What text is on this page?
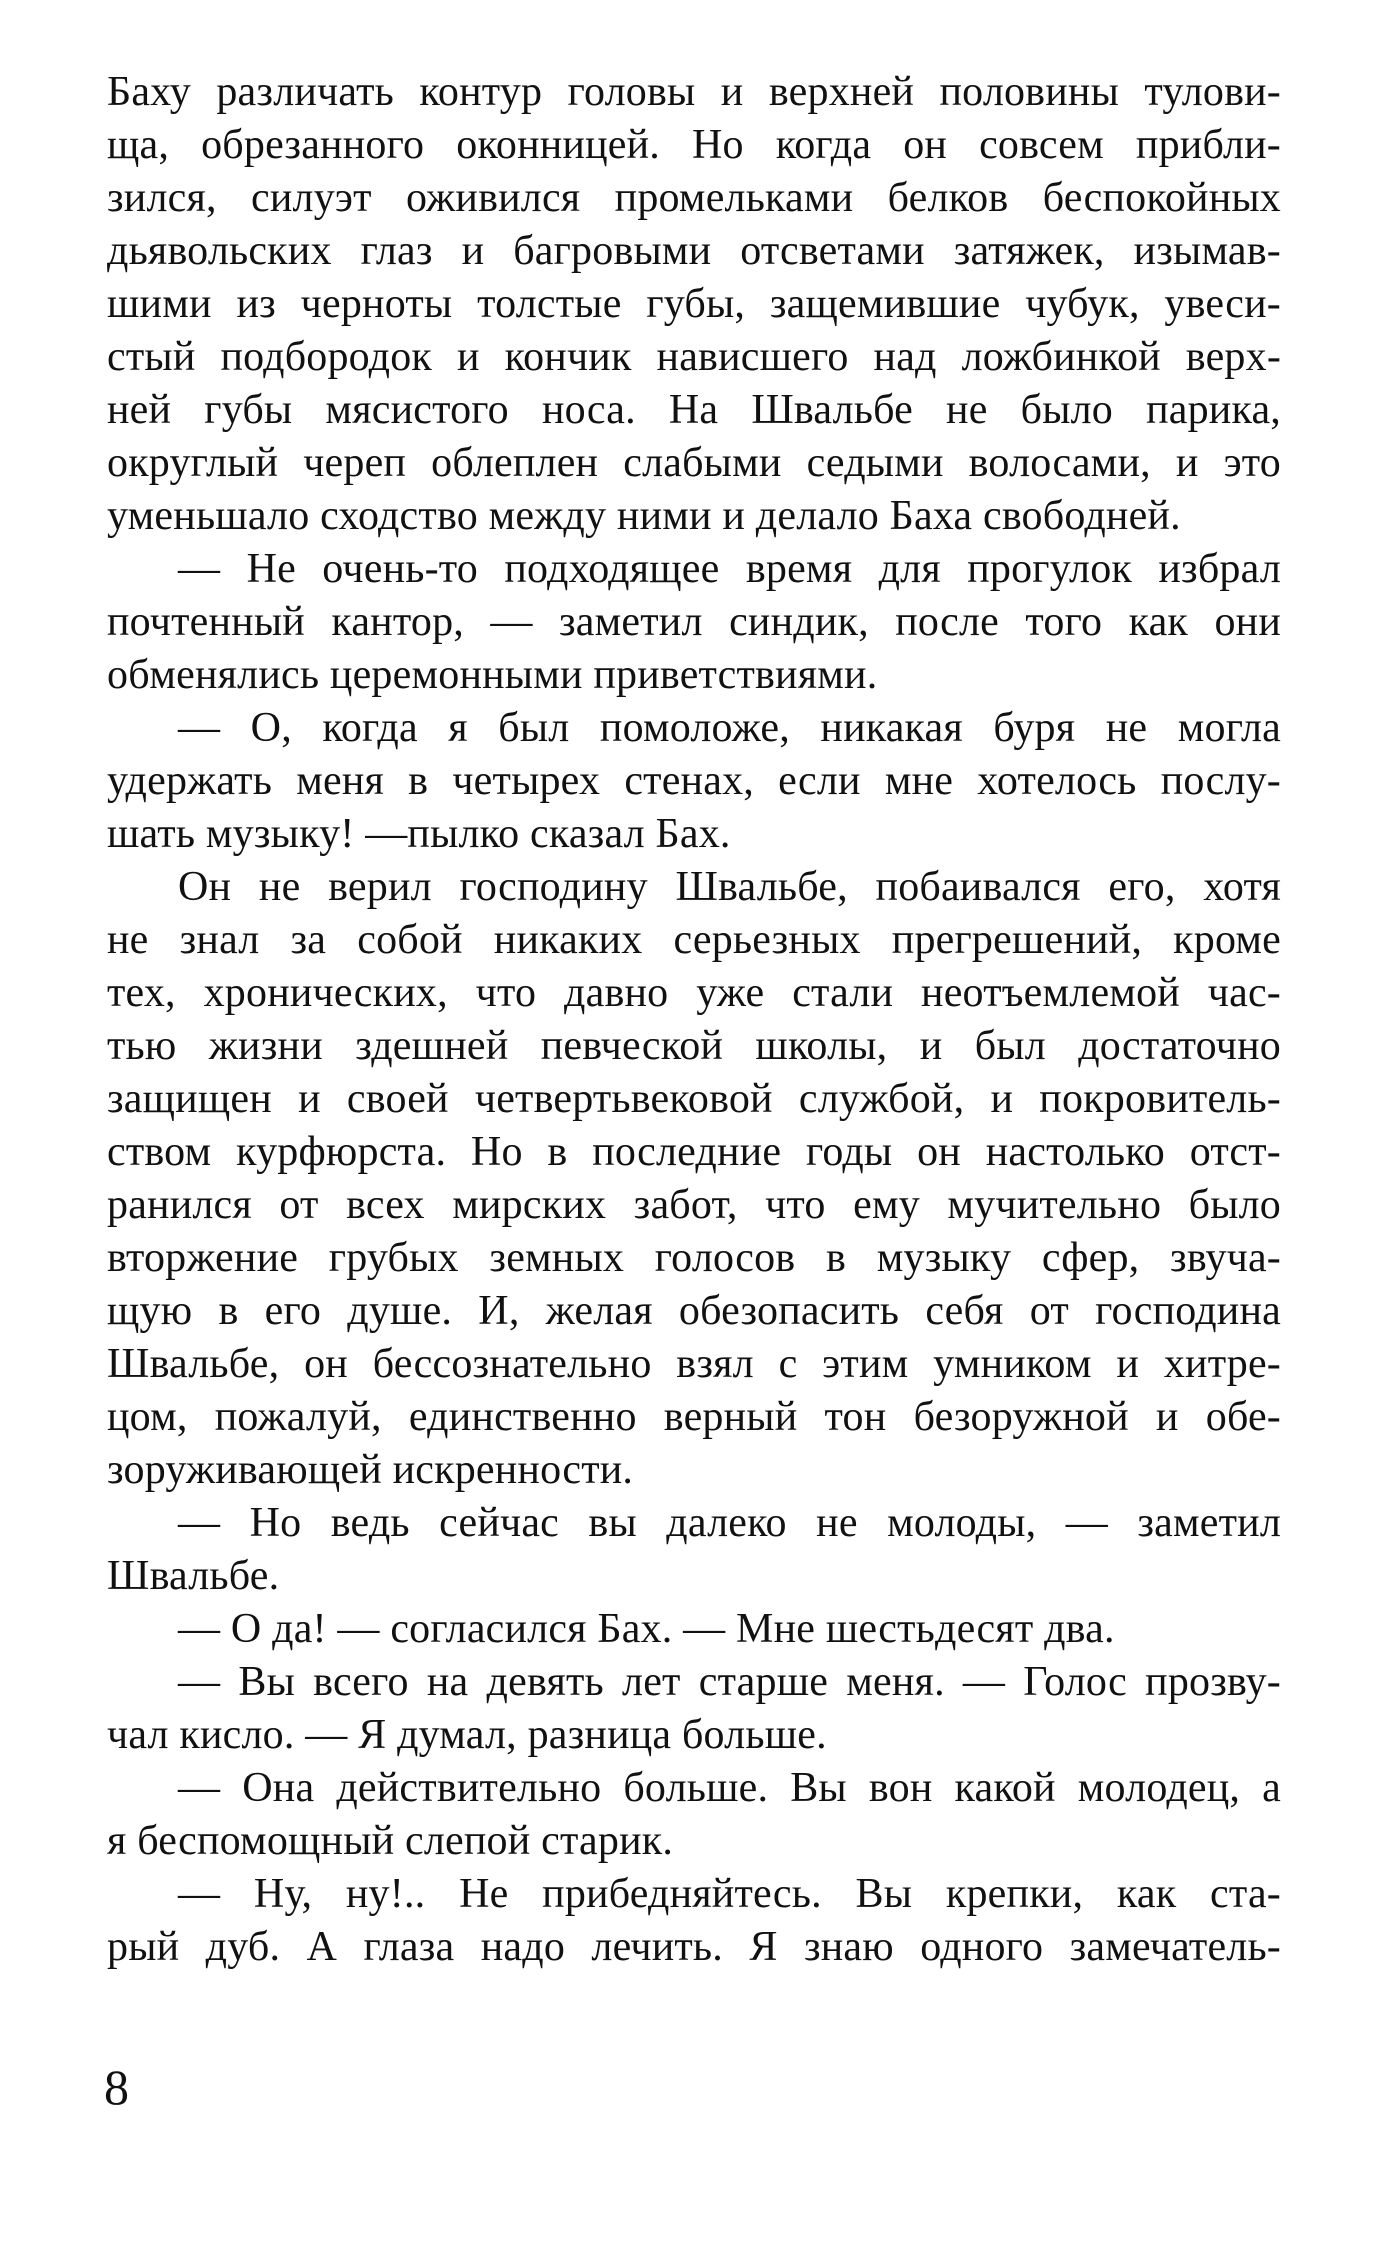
Баху различать контур головы и верхней половины тулови-
ща, обрезанного оконницей. Но когда он совсем прибли-
зился, силуэт оживился промельками белков беспокойных
дьявольских глаз и багровыми отсветами затяжек, изымав-
шими из черноты толстые губы, защемившие чубук, увеси-
стый подбородок и кончик нависшего над ложбинкой верх-
ней губы мясистого носа. На Швальбе не было парика,
округлый череп облеплен слабыми седыми волосами, и это
уменьшало сходство между ними и делало Баха свободней.
— Не очень-то подходящее время для прогулок избрал
почтенный кантор, — заметил синдик, после того как они
обменялись церемонными приветствиями.
— О, когда я был помоложе, никакая буря не могла
удержать меня в четырех стенах, если мне хотелось послу-
шать музыку! —пылко сказал Бах.
Он не верил господину Швальбе, побаивался его, хотя
не знал за собой никаких серьезных прегрешений, кроме
тех, хронических, что давно уже стали неотъемлемой час-
тью жизни здешней певческой школы, и был достаточно
защищен и своей четвертьвековой службой, и покровитель-
ством курфюрста. Но в последние годы он настолько отст-
ранился от всех мирских забот, что ему мучительно было
вторжение грубых земных голосов в музыку сфер, звуча-
щую в его душе. И, желая обезопасить себя от господина
Швальбе, он бессознательно взял с этим умником и хитре-
цом, пожалуй, единственно верный тон безоружной и обе-
зоруживающей искренности.
— Но ведь сейчас вы далеко не молоды, — заметил
Швальбе.
— О да! — согласился Бах. — Мне шестьдесят два.
— Вы всего на девять лет старше меня. — Голос прозву-
чал кисло. — Я думал, разница больше.
— Она действительно больше. Вы вон какой молодец, а
я беспомощный слепой старик.
— Ну, ну!.. Не прибедняйтесь. Вы крепки, как ста-
рый дуб. А глаза надо лечить. Я знаю одного замечатель-
8
